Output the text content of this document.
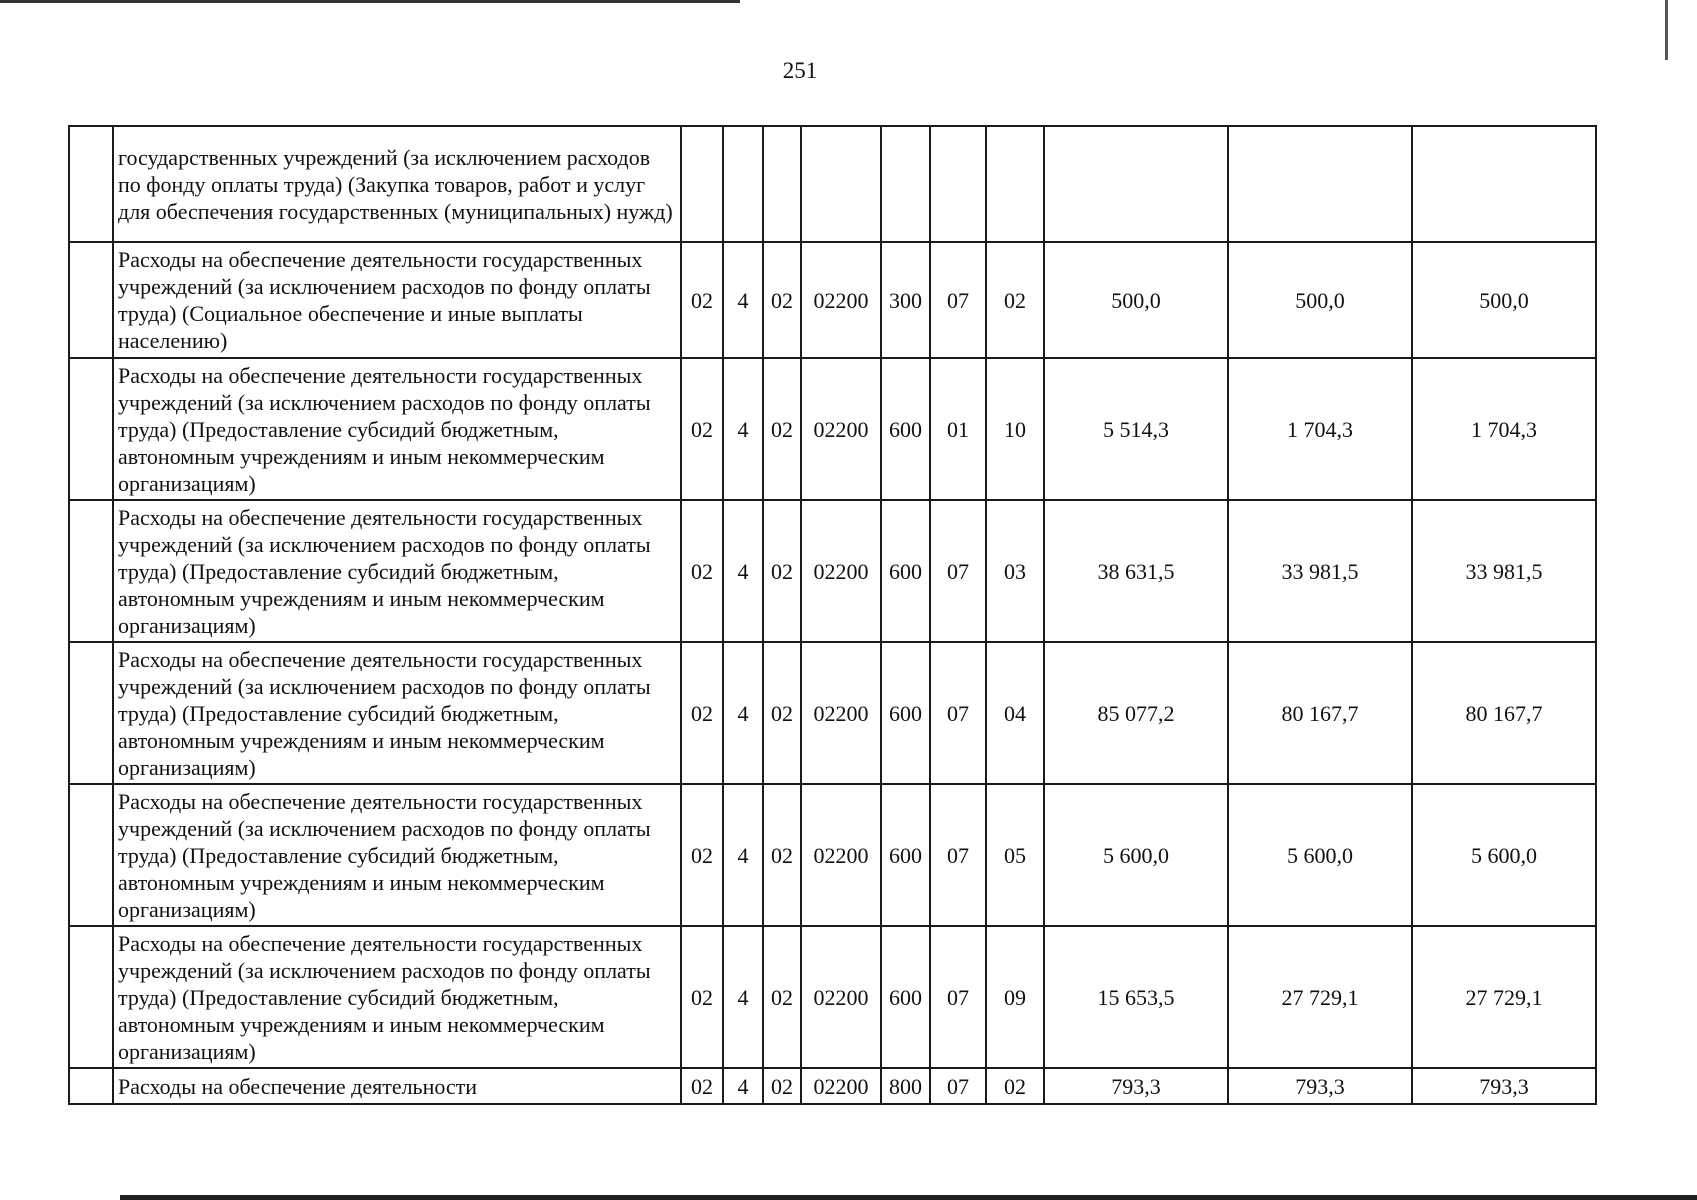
251
	государственных учреждений (за исключением расходов по фонду оплаты труда) (Закупка товаров, работ и услуг для обеспечения государственных (муниципальных) нужд)										
	Расходы на обеспечение деятельности государственных учреждений (за исключением расходов по фонду оплаты труда) (Социальное обеспечение и иные выплаты населению)	02	4	02	02200	300	07	02	500,0	500,0	500,0
	Расходы на обеспечение деятельности государственных учреждений (за исключением расходов по фонду оплаты труда) (Предоставление субсидий бюджетным, автономным учреждениям и иным некоммерческим организациям)	02	4	02	02200	600	01	10	5 514,3	1 704,3	1 704,3
	Расходы на обеспечение деятельности государственных учреждений (за исключением расходов по фонду оплаты труда) (Предоставление субсидий бюджетным, автономным учреждениям и иным некоммерческим организациям)	02	4	02	02200	600	07	03	38 631,5	33 981,5	33 981,5
	Расходы на обеспечение деятельности государственных учреждений (за исключением расходов по фонду оплаты труда) (Предоставление субсидий бюджетным, автономным учреждениям и иным некоммерческим организациям)	02	4	02	02200	600	07	04	85 077,2	80 167,7	80 167,7
	Расходы на обеспечение деятельности государственных учреждений (за исключением расходов по фонду оплаты труда) (Предоставление субсидий бюджетным, автономным учреждениям и иным некоммерческим организациям)	02	4	02	02200	600	07	05	5 600,0	5 600,0	5 600,0
	Расходы на обеспечение деятельности государственных учреждений (за исключением расходов по фонду оплаты труда) (Предоставление субсидий бюджетным, автономным учреждениям и иным некоммерческим организациям)	02	4	02	02200	600	07	09	15 653,5	27 729,1	27 729,1
	Расходы на обеспечение деятельности	02	4	02	02200	800	07	02	793,3	793,3	793,3
